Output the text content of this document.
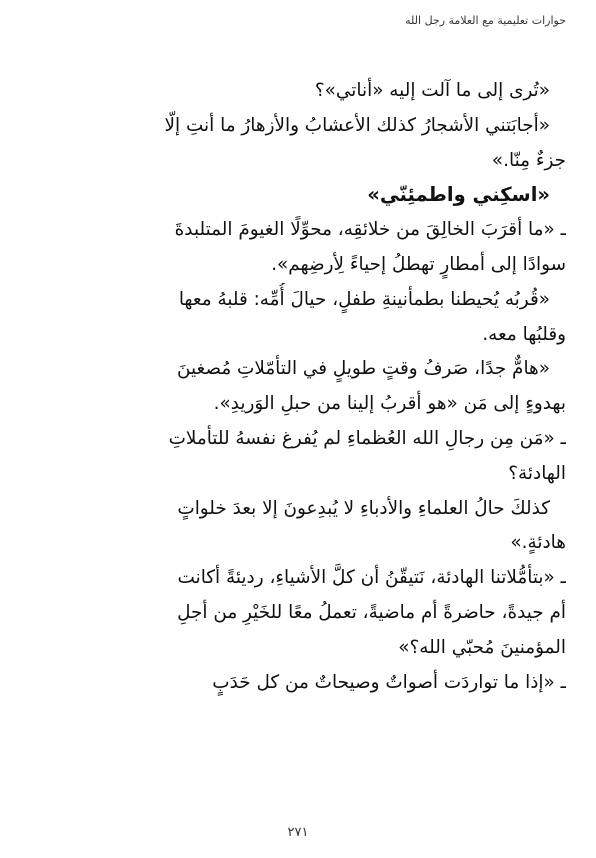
حوارات تعليمية مع العلامة رجل الله
«تُرى إلى ما آلت إليه «أناتي»؟
«أجابَتني الأشجارُ كذلك الأعشابُ والأزهارُ ما أنتِ إلّا
جزءٌ مِنّا.»
«اسكِني واطمئِنّي»
ـ «ما أقرَبَ الخالِقَ من خلائقِه، محوِّلًا الغيومَ المتلبدةَ
سوادًا إلى أمطارٍ تهطلُ إحياءً لِأرضِهم».
«قُربُه يُحيطنا بطمأنينةِ طفلٍ، حيالَ أُمِّه: قلبهُ معها
وقلبُها معه.
«هامٌّ جدًا، صَرفُ وقتٍ طويلٍ في التأمّلاتِ مُصغينَ
بهدوءٍ إلى مَن «هو أقربُ إلينا من حبلِ الوَريدِ».
ـ «مَن مِن رجالِ الله العُظماءِ لم يُفرغ نفسهُ للتأملاتِ
الهادئة؟
كذلكَ حالُ العلماءِ والأدباءِ لا يُبدِعونَ إلا بعدَ خلواتٍ
هادئةٍ.»
ـ «بتأمُّلاتنا الهادئة، نَتيقّنُ أن كلَّ الأشياءِ، رديئةً أكانت
أم جيدةً، حاضرةً أم ماضيةً، تعملُ معًا للخَيْرِ من أجلِ
المؤمنينَ مُحبّي الله؟»
ـ «إذا ما تواردَت أصواتٌ وصيحاتٌ من كل حَدَبٍ
٢٧١
